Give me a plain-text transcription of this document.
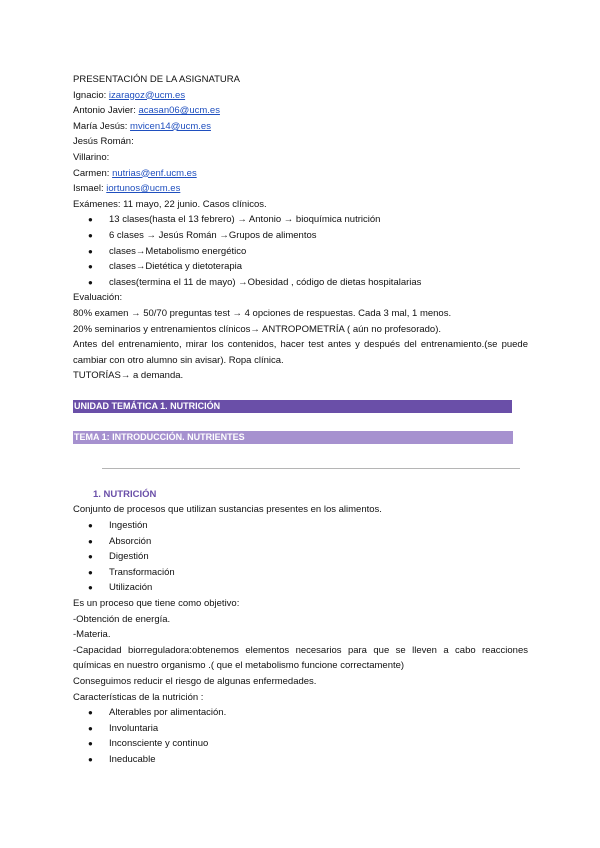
PRESENTACIÓN DE LA ASIGNATURA
Ignacio: izaragoz@ucm.es
Antonio Javier: acasan06@ucm.es
María Jesús: mvicen14@ucm.es
Jesús Román:
Villarino:
Carmen: nutrias@enf.ucm.es
Ismael: iortunos@ucm.es
Exámenes: 11 mayo, 22 junio. Casos clínicos.
● 13 clases(hasta el 13 febrero) → Antonio → bioquímica nutrición
● 6 clases → Jesús Román →Grupos de alimentos
● clases→Metabolismo energético
● clases→Dietética y dietoterapia
● clases(termina el 11 de mayo) →Obesidad , código de dietas hospitalarias
Evaluación:
80% examen → 50/70 preguntas test → 4 opciones de respuestas. Cada 3 mal, 1 menos.
20% seminarios y entrenamientos clínicos→ ANTROPOMETRÍA ( aún no profesorado).
Antes del entrenamiento, mirar los contenidos, hacer test antes y después del entrenamiento.(se puede cambiar con otro alumno sin avisar). Ropa clínica.
TUTORÍAS→ a demanda.
UNIDAD TEMÁTICA 1. NUTRICIÓN
TEMA 1: INTRODUCCIÓN. NUTRIENTES
1. NUTRICIÓN
Conjunto de procesos que utilizan sustancias presentes en los alimentos.
● Ingestión
● Absorción
● Digestión
● Transformación
● Utilización
Es un proceso que tiene como objetivo:
-Obtención de energía.
-Materia.
-Capacidad biorreguladora:obtenemos elementos necesarios para que se lleven a cabo reacciones químicas en nuestro organismo .( que el metabolismo funcione correctamente)
Conseguimos reducir el riesgo de algunas enfermedades.
Características de la nutrición :
● Alterables por alimentación.
● Involuntaria
● Inconsciente y continuo
● Ineducable
